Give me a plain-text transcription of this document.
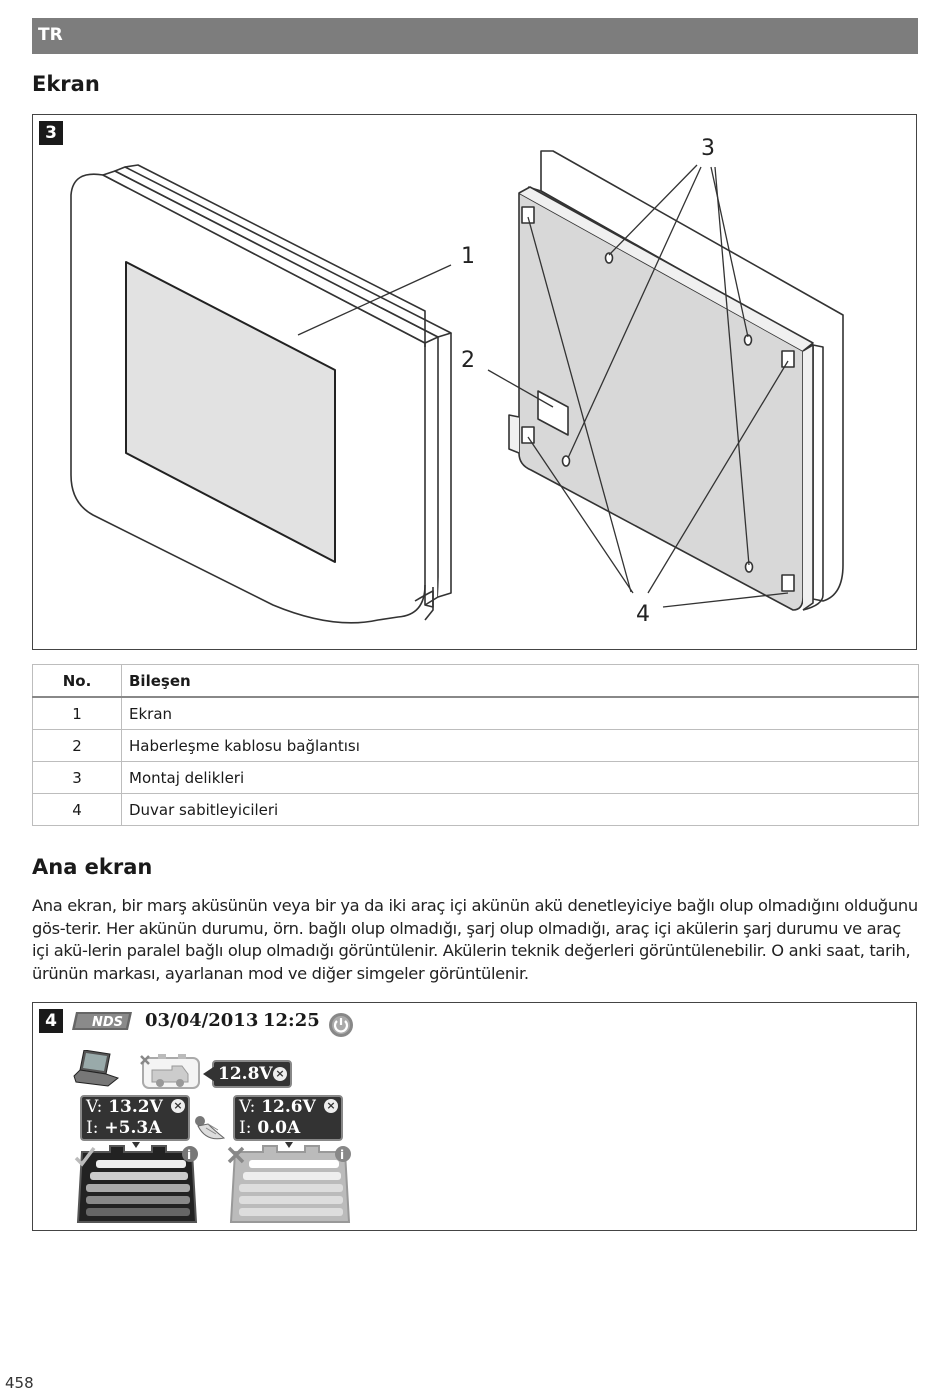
TR
Ekran
3
1
2
3
4
No.	Bileşen
1	Ekran
2	Haberleşme kablosu bağlantısı
3	Montaj delikleri
4	Duvar sabitleyicileri
Ana ekran

Ana ekran, bir marş aküsünün veya bir ya da iki araç içi akünün akü denetleyiciye bağlı olup olmadığını olduğunu gös-terir. Her akünün durumu, örn. bağlı olup olmadığı, şarj olup olmadığı, araç içi akülerin şarj durumu ve araç içi akü-lerin paralel bağlı olup olmadığı görüntülenir. Akülerin teknik değerleri görüntülenebilir. O anki saat, tarih, ürünün markası, ayarlanan mod ve diğer simgeler görüntülenir.

4	NDS 03/04/2013 12:25
12.8V ×
V: 13.2V
I: +5.3A
×	V: 12.6V
I: 0.0A
×
i	i
458
